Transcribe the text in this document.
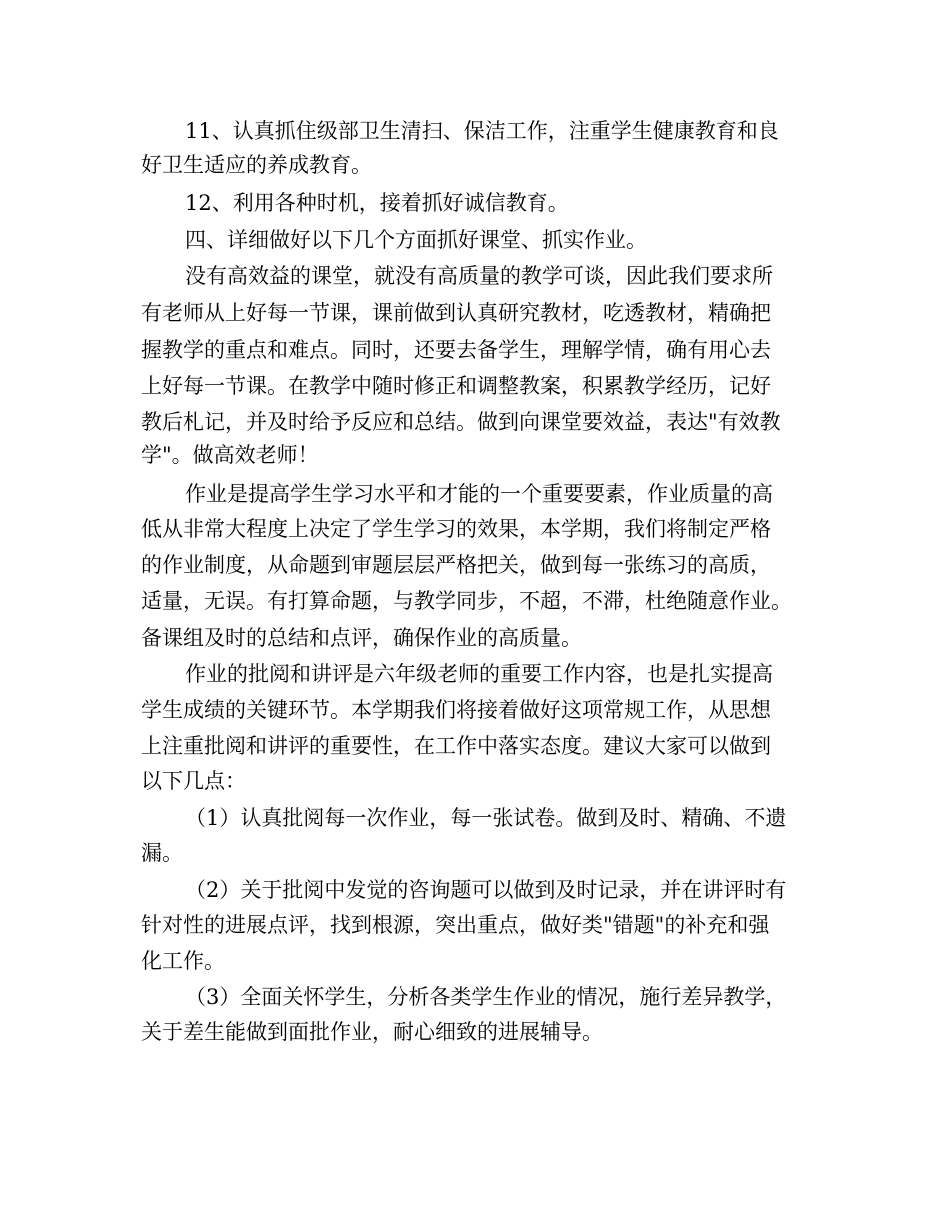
11、认真抓住级部卫生清扫、保洁工作，注重学生健康教育和良
好卫生适应的养成教育。
12、利用各种时机，接着抓好诚信教育。
四、详细做好以下几个方面抓好课堂、抓实作业。
没有高效益的课堂，就没有高质量的教学可谈，因此我们要求所
有老师从上好每一节课，课前做到认真研究教材，吃透教材，精确把
握教学的重点和难点。同时，还要去备学生，理解学情，确有用心去
上好每一节课。在教学中随时修正和调整教案，积累教学经历，记好
教后札记，并及时给予反应和总结。做到向课堂要效益，表达"有效教
学"。做高效老师！
作业是提高学生学习水平和才能的一个重要要素，作业质量的高
低从非常大程度上决定了学生学习的效果，本学期，我们将制定严格
的作业制度，从命题到审题层层严格把关，做到每一张练习的高质，
适量，无误。有打算命题，与教学同步，不超，不滞，杜绝随意作业。
备课组及时的总结和点评，确保作业的高质量。
作业的批阅和讲评是六年级老师的重要工作内容，也是扎实提高
学生成绩的关键环节。本学期我们将接着做好这项常规工作，从思想
上注重批阅和讲评的重要性，在工作中落实态度。建议大家可以做到
以下几点：
（1）认真批阅每一次作业，每一张试卷。做到及时、精确、不遗
漏。
（2）关于批阅中发觉的咨询题可以做到及时记录，并在讲评时有
针对性的进展点评，找到根源，突出重点，做好类"错题"的补充和强
化工作。
（3）全面关怀学生，分析各类学生作业的情况，施行差异教学，
关于差生能做到面批作业，耐心细致的进展辅导。
